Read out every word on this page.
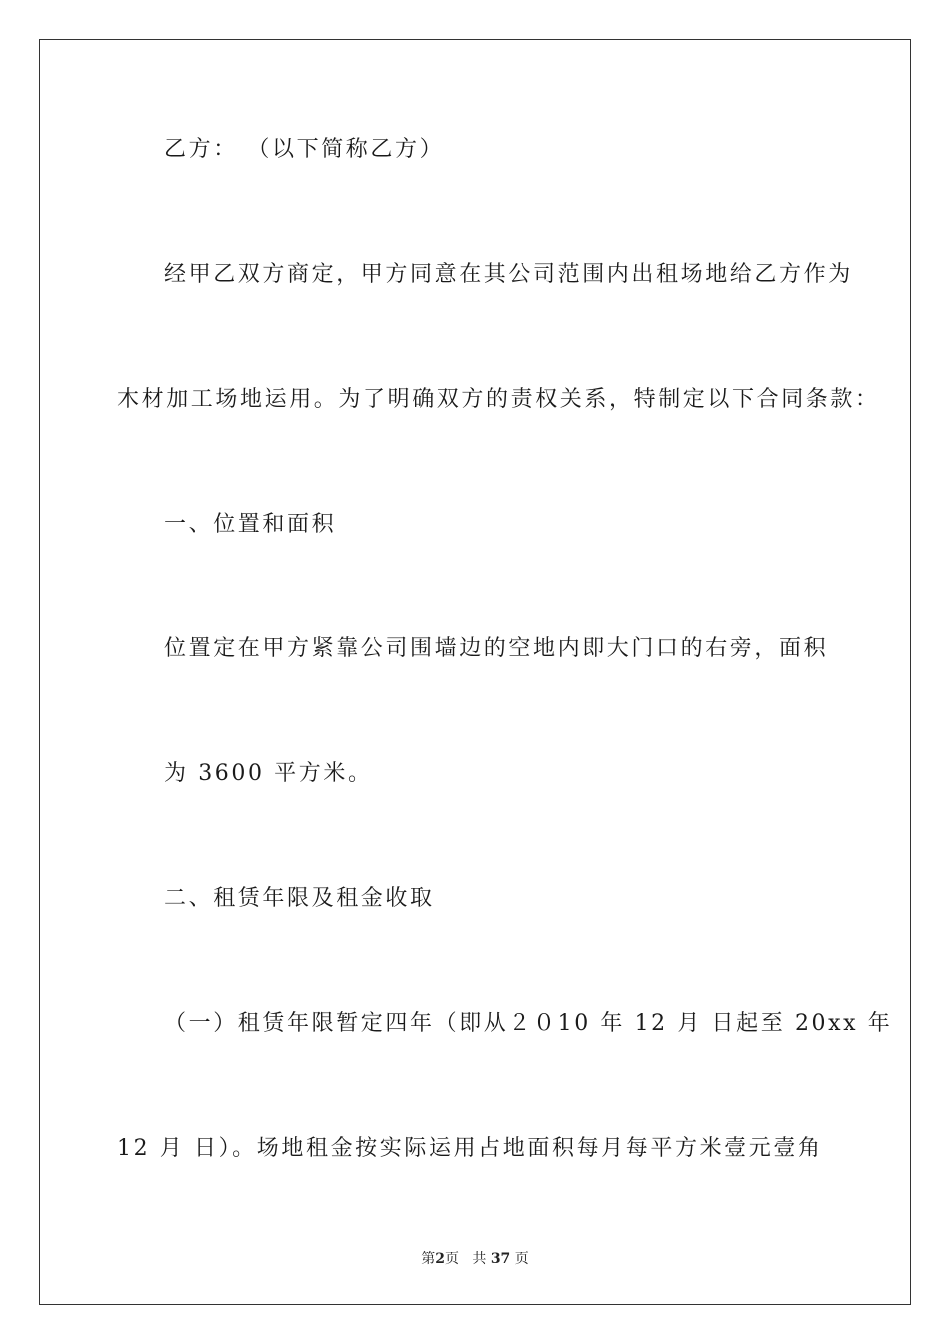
乙方： （以下简称乙方）
经甲乙双方商定，甲方同意在其公司范围内出租场地给乙方作为
木材加工场地运用。为了明确双方的责权关系，特制定以下合同条款：
一、位置和面积
位置定在甲方紧靠公司围墙边的空地内即大门口的右旁，面积
为 3600 平方米。
二、租赁年限及租金收取
（一）租赁年限暂定四年（即从２０10 年 12 月 日起至 20xx 年
12 月 日）。场地租金按实际运用占地面积每月每平方米壹元壹角
第2页 共 37 页
